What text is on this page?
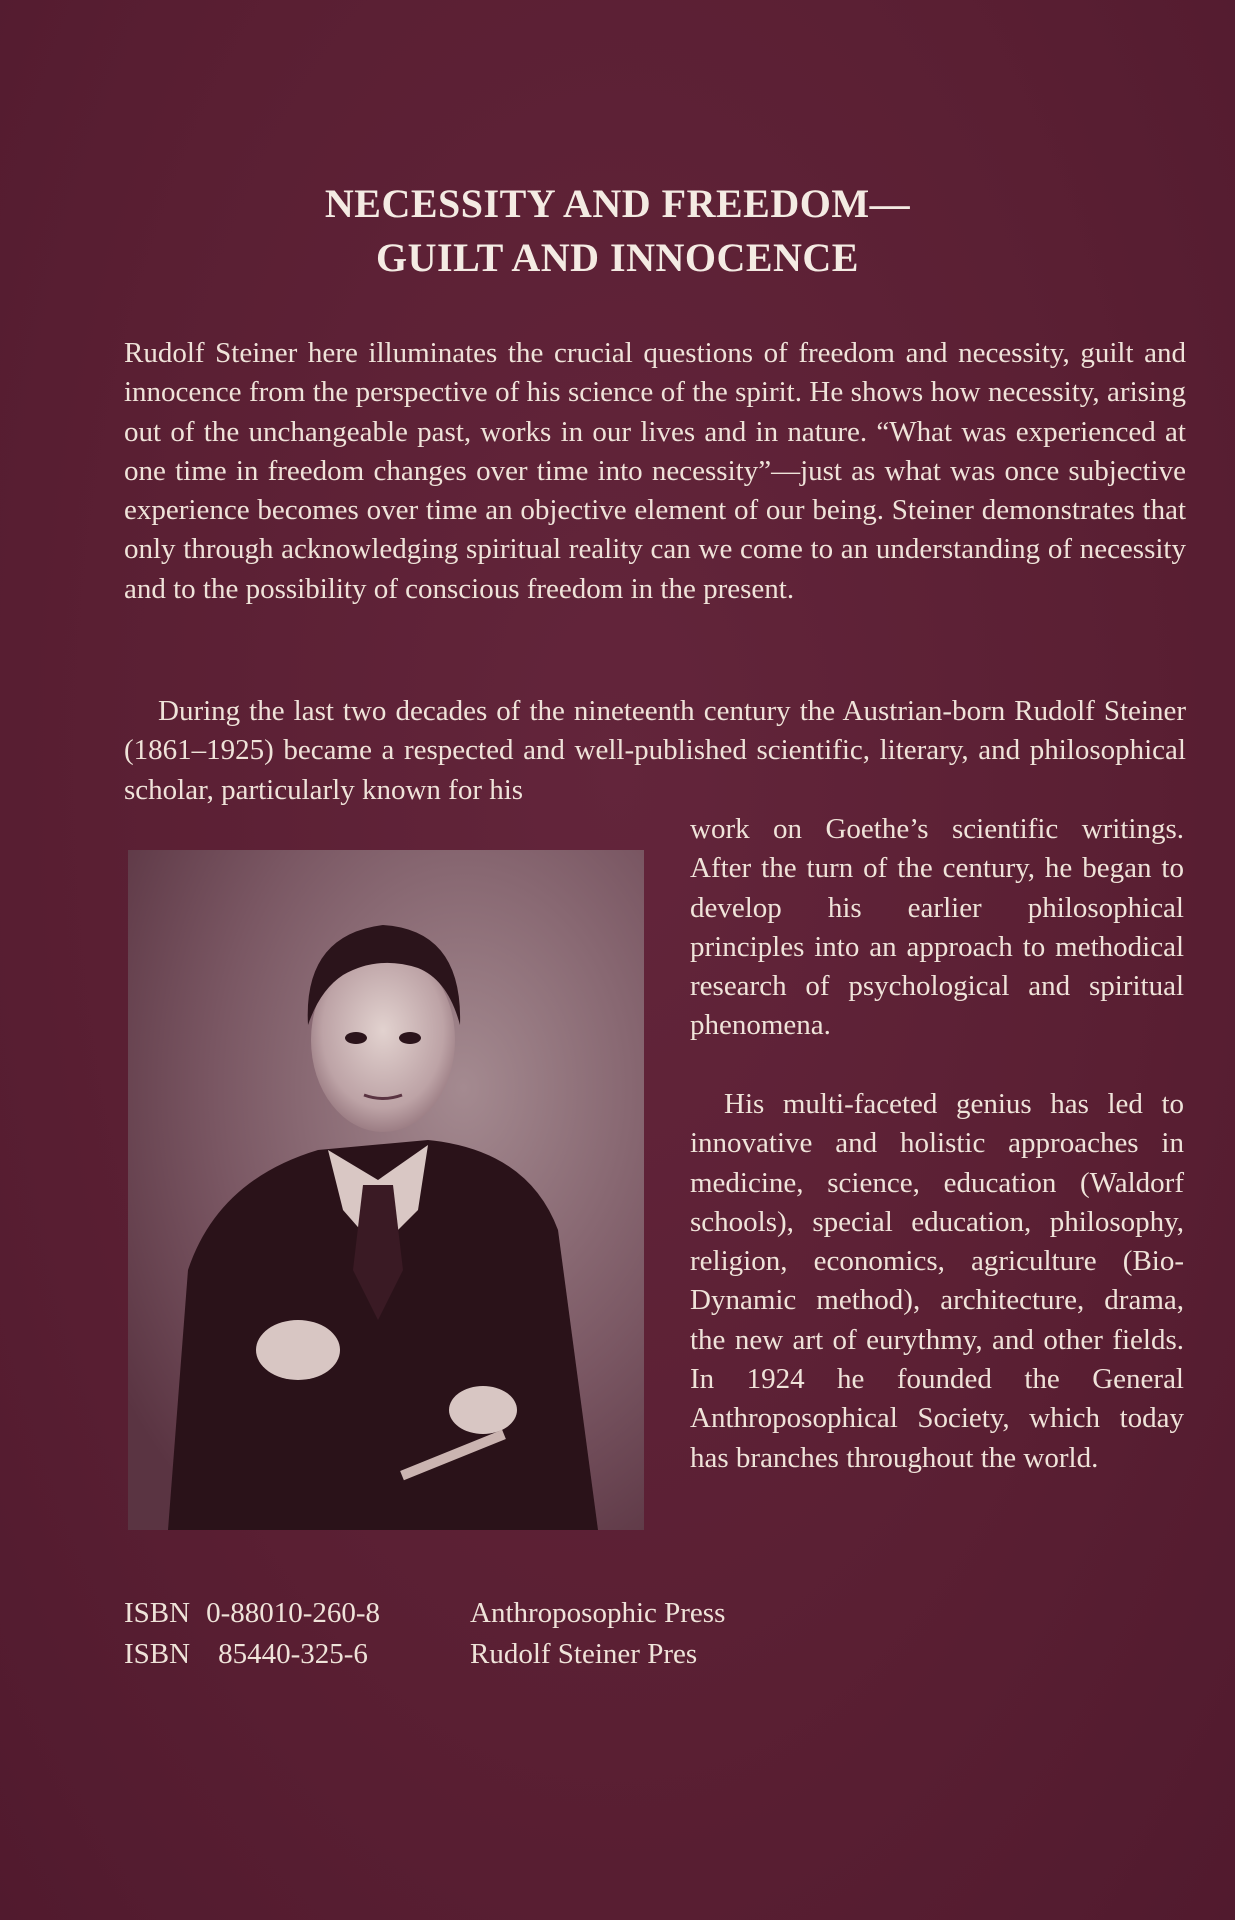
NECESSITY AND FREEDOM—
GUILT AND INNOCENCE

Rudolf Steiner here illuminates the crucial questions of freedom and necessity, guilt and innocence from the perspective of his science of the spirit. He shows how necessity, arising out of the unchangeable past, works in our lives and in nature. “What was experienced at one time in freedom changes over time into necessity”—just as what was once subjective experience becomes over time an objective element of our being. Steiner demonstrates that only through acknowledging spiritual reality can we come to an understanding of necessity and to the possibility of conscious freedom in the present.

During the last two decades of the nineteenth century the Austrian-born Rudolf Steiner (1861–1925) became a respected and well-published scientific, literary, and philosophical scholar, particularly known for his

work on Goethe’s scientific writings. After the turn of the century, he began to develop his earlier philosophical principles into an approach to methodical research of psychological and spiritual phenomena.

His multi-faceted genius has led to innovative and holistic approaches in medicine, science, education (Waldorf schools), special education, philosophy, religion, economics, agriculture (Bio-Dynamic method), architecture, drama, the new art of eurythmy, and other fields. In 1924 he founded the General Anthroposophical Society, which today has branches throughout the world.

ISBN 0-88010-260-8	Anthroposophic Press
ISBN 85440-325-6	Rudolf Steiner Pres
